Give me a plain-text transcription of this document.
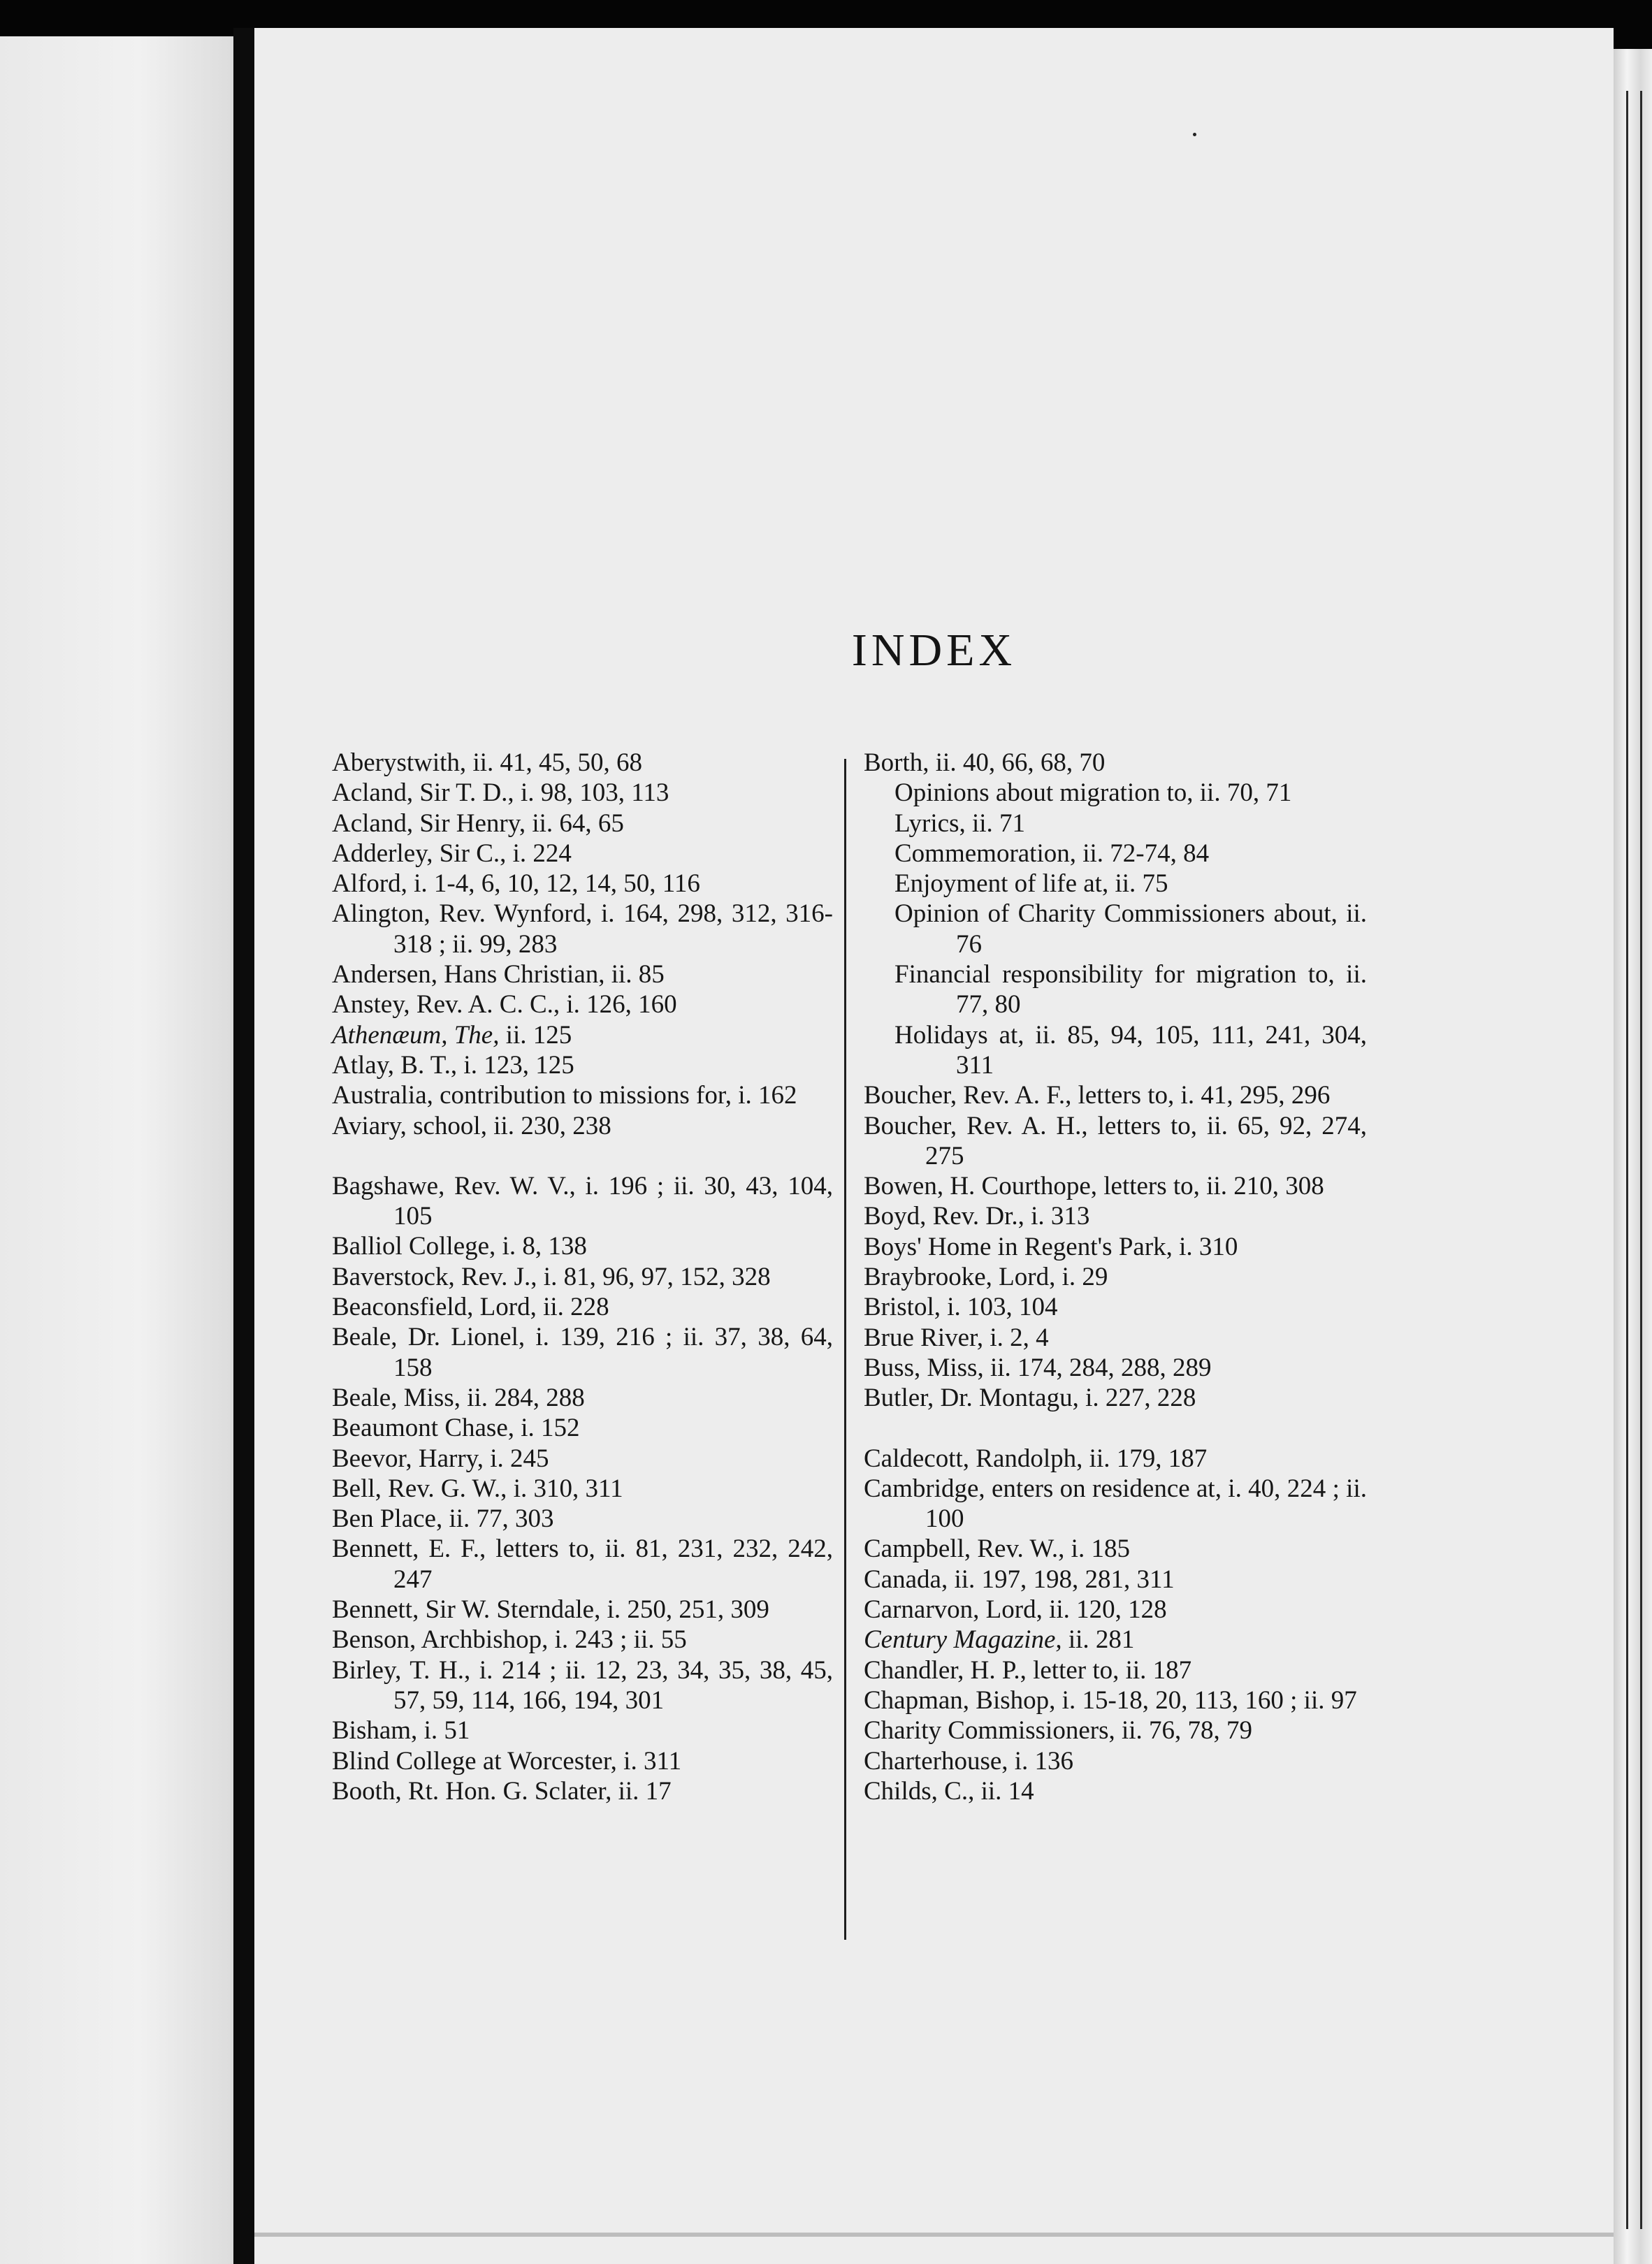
INDEX
Aberystwith, ii. 41, 45, 50, 68
Acland, Sir T. D., i. 98, 103, 113
Acland, Sir Henry, ii. 64, 65
Adderley, Sir C., i. 224
Alford, i. 1-4, 6, 10, 12, 14, 50, 116
Alington, Rev. Wynford, i. 164, 298, 312, 316-318 ; ii. 99, 283
Andersen, Hans Christian, ii. 85
Anstey, Rev. A. C. C., i. 126, 160
Athenæum, The, ii. 125
Atlay, B. T., i. 123, 125
Australia, contribution to missions for, i. 162
Aviary, school, ii. 230, 238
Bagshawe, Rev. W. V., i. 196 ; ii. 30, 43, 104, 105
Balliol College, i. 8, 138
Baverstock, Rev. J., i. 81, 96, 97, 152, 328
Beaconsfield, Lord, ii. 228
Beale, Dr. Lionel, i. 139, 216 ; ii. 37, 38, 64, 158
Beale, Miss, ii. 284, 288
Beaumont Chase, i. 152
Beevor, Harry, i. 245
Bell, Rev. G. W., i. 310, 311
Ben Place, ii. 77, 303
Bennett, E. F., letters to, ii. 81, 231, 232, 242, 247
Bennett, Sir W. Sterndale, i. 250, 251, 309
Benson, Archbishop, i. 243 ; ii. 55
Birley, T. H., i. 214 ; ii. 12, 23, 34, 35, 38, 45, 57, 59, 114, 166, 194, 301
Bisham, i. 51
Blind College at Worcester, i. 311
Booth, Rt. Hon. G. Sclater, ii. 17
Borth, ii. 40, 66, 68, 70
Opinions about migration to, ii. 70, 71
Lyrics, ii. 71
Commemoration, ii. 72-74, 84
Enjoyment of life at, ii. 75
Opinion of Charity Commissioners about, ii. 76
Financial responsibility for migration to, ii. 77, 80
Holidays at, ii. 85, 94, 105, 111, 241, 304, 311
Boucher, Rev. A. F., letters to, i. 41, 295, 296
Boucher, Rev. A. H., letters to, ii. 65, 92, 274, 275
Bowen, H. Courthope, letters to, ii. 210, 308
Boyd, Rev. Dr., i. 313
Boys' Home in Regent's Park, i. 310
Braybrooke, Lord, i. 29
Bristol, i. 103, 104
Brue River, i. 2, 4
Buss, Miss, ii. 174, 284, 288, 289
Butler, Dr. Montagu, i. 227, 228
Caldecott, Randolph, ii. 179, 187
Cambridge, enters on residence at, i. 40, 224 ; ii. 100
Campbell, Rev. W., i. 185
Canada, ii. 197, 198, 281, 311
Carnarvon, Lord, ii. 120, 128
Century Magazine, ii. 281
Chandler, H. P., letter to, ii. 187
Chapman, Bishop, i. 15-18, 20, 113, 160 ; ii. 97
Charity Commissioners, ii. 76, 78, 79
Charterhouse, i. 136
Childs, C., ii. 14
